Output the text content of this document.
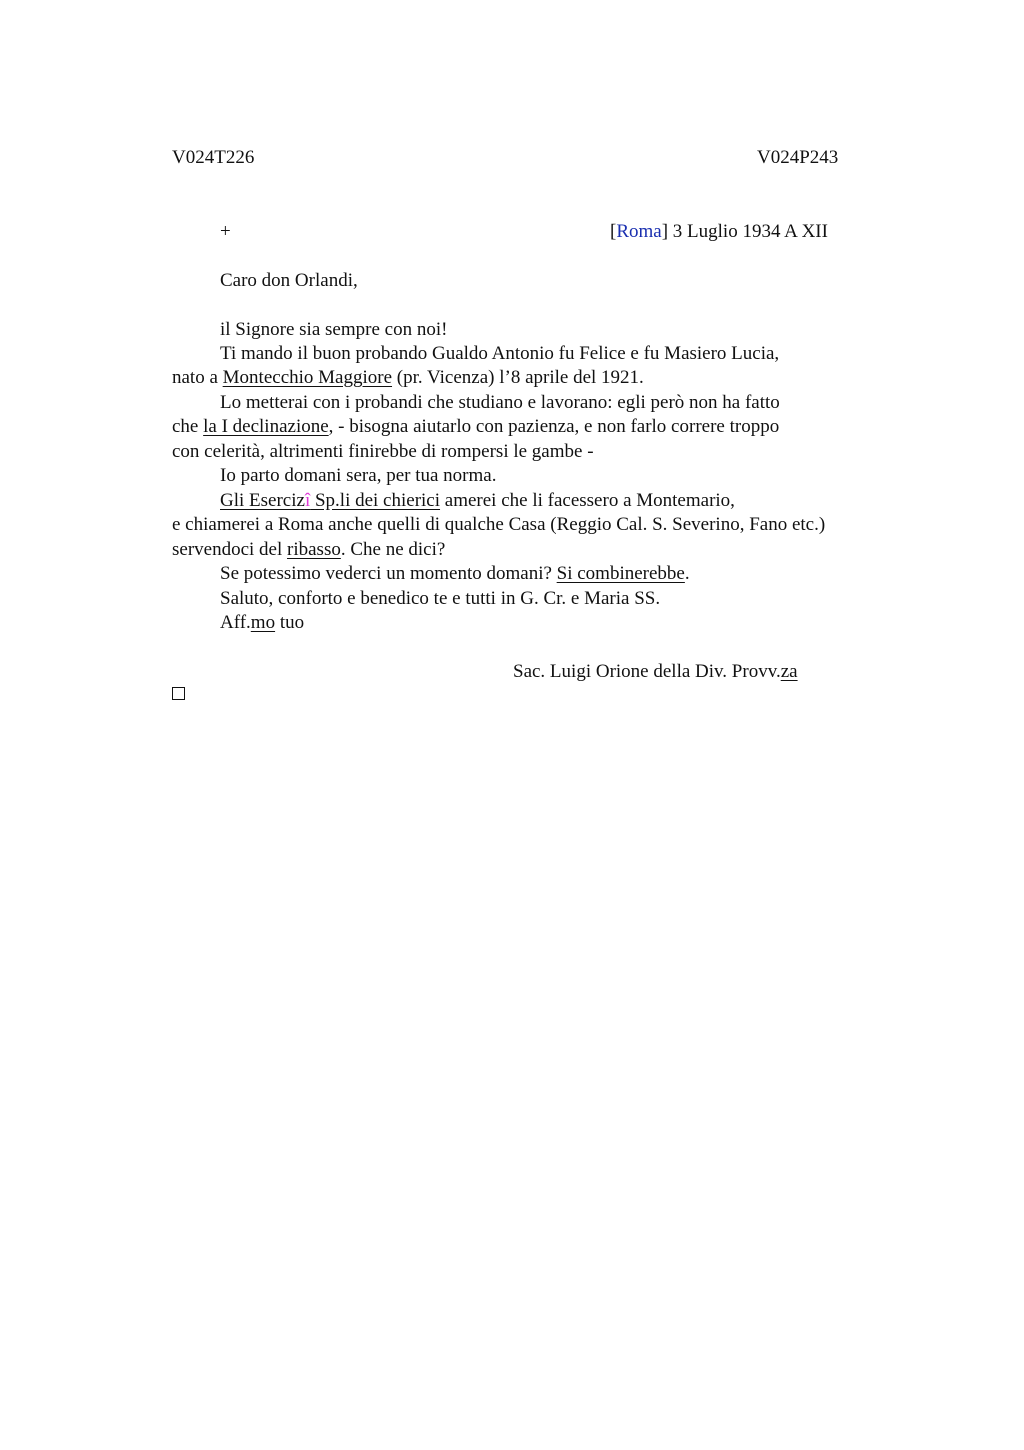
V024T226	V024P243
+	[Roma] 3 Luglio 1934 A XII
Caro don Orlandi,
il Signore sia sempre con noi!
Ti mando il buon probando Gualdo Antonio fu Felice e fu Masiero Lucia,
nato a Montecchio Maggiore (pr. Vicenza) l’8 aprile del 1921.
Lo metterai con i probandi che studiano e lavorano: egli però non ha fatto
che la I declinazione, - bisogna aiutarlo con pazienza, e non farlo correre troppo
con celerità, altrimenti finirebbe di rompersi le gambe -
Io parto domani sera, per tua norma.
Gli Esercizî Sp.li dei chierici amerei che li facessero a Montemario,
e chiamerei a Roma anche quelli di qualche Casa (Reggio Cal. S. Severino, Fano etc.)
servendoci del ribasso. Che ne dici?
Se potessimo vederci un momento domani? Si combinerebbe.
Saluto, conforto e benedico te e tutti in G. Cr. e Maria SS.
Aff.mo tuo
Sac. Luigi Orione della Div. Provv.za
